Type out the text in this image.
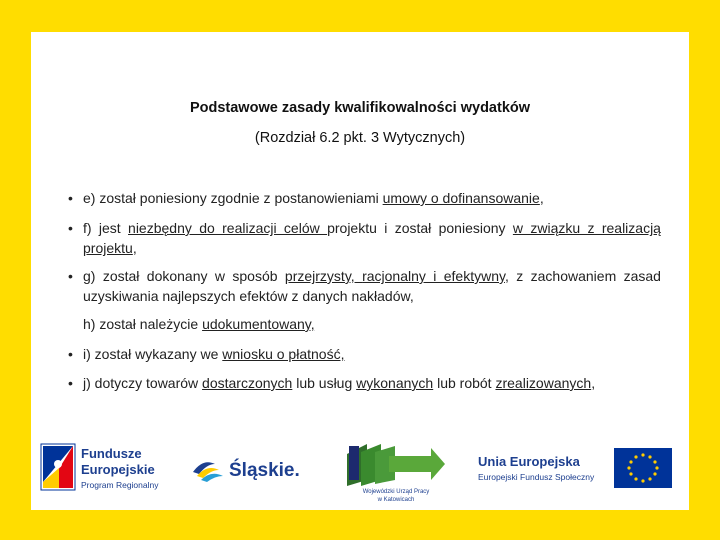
Podstawowe zasady kwalifikowalności wydatków
(Rozdział 6.2 pkt. 3 Wytycznych)
• e) został poniesiony zgodnie z postanowieniami umowy o dofinansowanie,
• f) jest niezbędny do realizacji celów projektu i został poniesiony w związku z realizacją projektu,
• g) został dokonany w sposób przejrzysty, racjonalny i efektywny, z zachowaniem zasad uzyskiwania najlepszych efektów z danych nakładów,
h) został należycie udokumentowany,
• i) został wykazany we wniosku o płatność,
• j) dotyczy towarów dostarczonych lub usług wykonanych lub robót zrealizowanych,
Fundusze
Europejskie
Program Regionalny
Śląskie.
Wojewódzki Urząd Pracy
w Katowicach
Unia Europejska
Europejski Fundusz Społeczny
